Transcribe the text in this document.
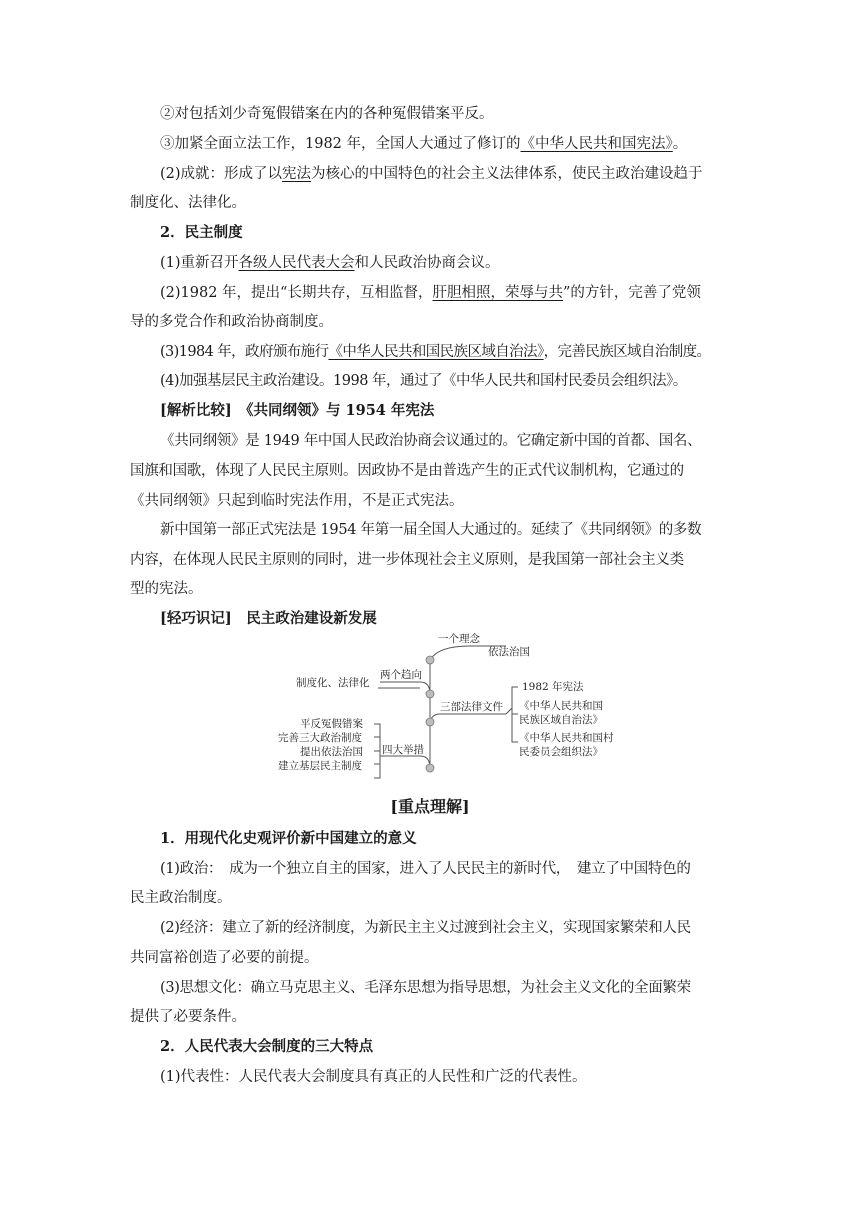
②对包括刘少奇冤假错案在内的各种冤假错案平反。
③加紧全面立法工作，1982 年，全国人大通过了修订的《中华人民共和国宪法》。
(2)成就：形成了以宪法为核心的中国特色的社会主义法律体系，使民主政治建设趋于
制度化、法律化。
2．民主制度
(1)重新召开各级人民代表大会和人民政治协商会议。
(2)1982 年，提出“长期共存，互相监督，肝胆相照，荣辱与共”的方针，完善了党领
导的多党合作和政治协商制度。
(3)1984 年，政府颁布施行《中华人民共和国民族区域自治法》，完善民族区域自治制度。
(4)加强基层民主政治建设。1998 年，通过了《中华人民共和国村民委员会组织法》。
[解析比较]　《共同纲领》与 1954 年宪法
《共同纲领》是 1949 年中国人民政治协商会议通过的。它确定新中国的首都、国名、
国旗和国歌，体现了人民民主原则。因政协不是由普选产生的正式代议制机构，它通过的
《共同纲领》只起到临时宪法作用，不是正式宪法。
新中国第一部正式宪法是 1954 年第一届全国人大通过的。延续了《共同纲领》的多数
内容，在体现人民民主原则的同时，进一步体现社会主义原则，是我国第一部社会主义类
型的宪法。
[轻巧识记]　民主政治建设新发展
一个理念
依法治国
两个趋向
制度化、法律化
三部法律文件
1982 年宪法
《中华人民共和国
民族区域自治法》
《中华人民共和国村
民委员会组织法》
四大举措
平反冤假错案
完善三大政治制度
提出依法治国
建立基层民主制度
[重点理解]
1．用现代化史观评价新中国建立的意义
(1)政治：　成为一个独立自主的国家，进入了人民民主的新时代，　建立了中国特色的
民主政治制度。
(2)经济：建立了新的经济制度，为新民主主义过渡到社会主义，实现国家繁荣和人民
共同富裕创造了必要的前提。
(3)思想文化：确立马克思主义、毛泽东思想为指导思想，为社会主义文化的全面繁荣
提供了必要条件。
2．人民代表大会制度的三大特点
(1)代表性：人民代表大会制度具有真正的人民性和广泛的代表性。
